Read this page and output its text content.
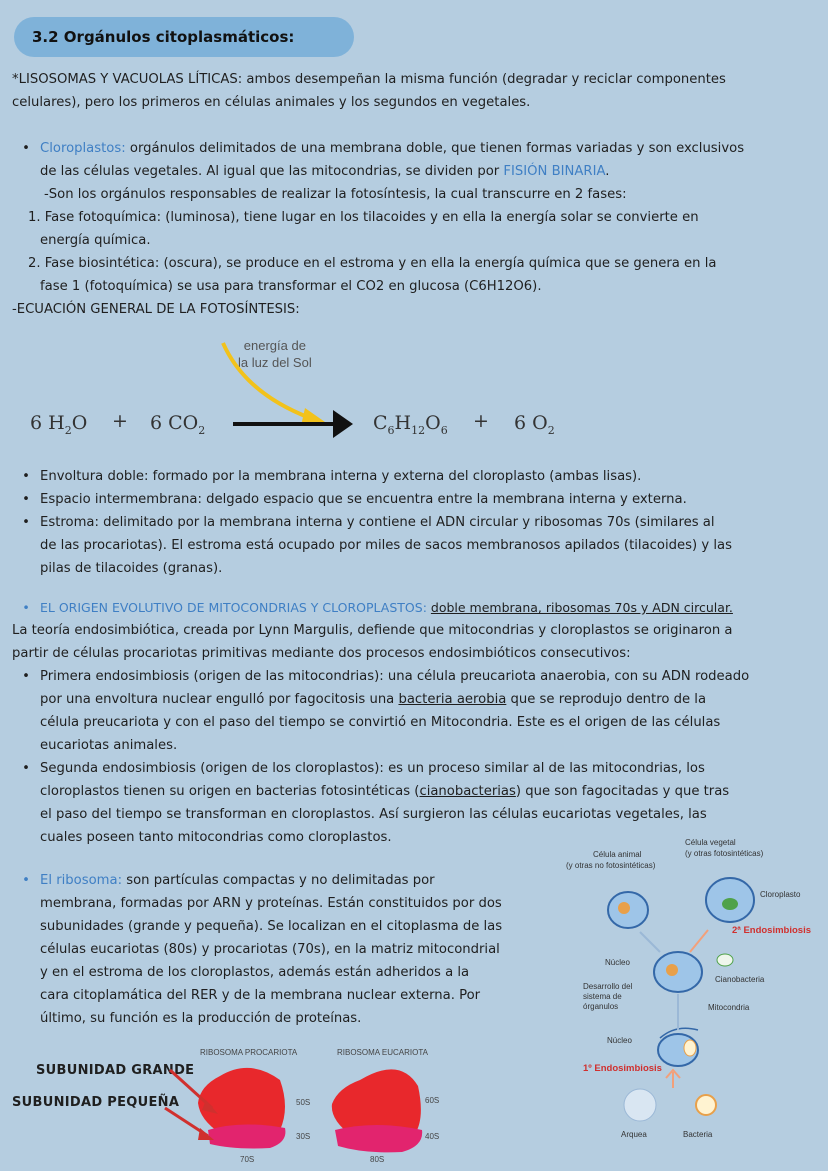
3.2 Orgánulos citoplasmáticos:
*LISOSOMAS Y VACUOLAS LÍTICAS: ambos desempeñan la misma función (degradar y reciclar componentes
celulares), pero los primeros en células animales y los segundos en vegetales.
• Cloroplastos: orgánulos delimitados de una membrana doble, que tienen formas variadas y son exclusivos
de las células vegetales. Al igual que las mitocondrias, se dividen por FISIÓN BINARIA.
-Son los orgánulos responsables de realizar la fotosíntesis, la cual transcurre en 2 fases:
1. Fase fotoquímica: (luminosa), tiene lugar en los tilacoides y en ella la energía solar se convierte en
energía química.
2. Fase biosintética: (oscura), se produce en el estroma y en ella la energía química que se genera en la
fase 1 (fotoquímica) se usa para transformar el CO2 en glucosa (C6H12O6).
-ECUACIÓN GENERAL DE LA FOTOSÍNTESIS:
energía de
la luz del Sol
6 $H_2O + 6$ $CO_2$	$C_6H_{12}O_6 + 6$ $O_2$
• Envoltura doble: formado por la membrana interna y externa del cloroplasto (ambas lisas).
• Espacio intermembrana: delgado espacio que se encuentra entre la membrana interna y externa.
• Estroma: delimitado por la membrana interna y contiene el ADN circular y ribosomas 70s (similares al
de las procariotas). El estroma está ocupado por miles de sacos membranosos apilados (tilacoides) y las
pilas de tilacoides (granas).
• EL ORIGEN EVOLUTIVO DE MITOCONDRIAS Y CLOROPLASTOS: doble membrana, ribosomas 70s y ADN circular.
La teoría endosimbiótica, creada por Lynn Margulis, defiende que mitocondrias y cloroplastos se originaron a
partir de células procariotas primitivas mediante dos procesos endosimbióticos consecutivos:
• Primera endosimbiosis (origen de las mitocondrias): una célula preucariota anaerobia, con su ADN rodeado
por una envoltura nuclear engulló por fagocitosis una bacteria aerobia que se reprodujo dentro de la
célula preucariota y con el paso del tiempo se convirtió en Mitocondria. Este es el origen de las células
eucariotas animales.
• Segunda endosimbiosis (origen de los cloroplastos): es un proceso similar al de las mitocondrias, los
cloroplastos tienen su origen en bacterias fotosintéticas (cianobacterias) que son fagocitadas y que tras
el paso del tiempo se transforman en cloroplastos. Así surgieron las células eucariotas vegetales, las
cuales poseen tanto mitocondrias como cloroplastos.
• El ribosoma: son partículas compactas y no delimitadas por
membrana, formadas por ARN y proteínas. Están constituidos por dos
subunidades (grande y pequeña). Se localizan en el citoplasma de las
células eucariotas (80s) y procariotas (70s), en la matriz mitocondrial
y en el estroma de los cloroplastos, además están adheridos a la
cara citoplamática del RER y de la membrana nuclear externa. Por
último, su función es la producción de proteínas.
RIBOSOMA PROCARIOTA	RIBOSOMA EUCARIOTA
SUBUNIDAD GRANDE
SUBUNIDAD PEQUEÑA	50S
30S
70S
60S
40S
80S
Célula vegetal
(y otras fotosintéticas)
Célula animal
(y otras no fotosintéticas)
Cloroplasto
2ª Endosimbiosis
Núcleo
Cianobacteria
Desarrollo del
sistema de
órganulos	Mitocondria
Núcleo
1º Endosimbiosis
Arquea	Bacteria
